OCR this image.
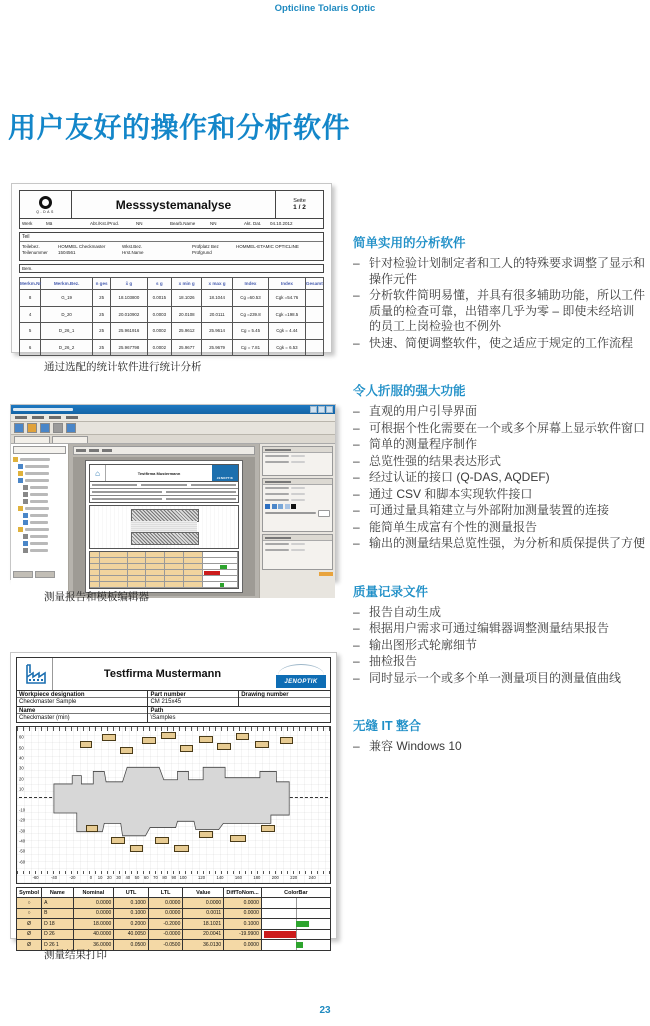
Opticline Tolaris Optic
用户友好的操作和分析软件
Q-DAS	Messsystemanalyse	Seite
1 / 2
Werk	Mä	Abt./Kst./Prod.	NN	Bearb.Name	NN	Akt. Dat.	04.10.2012
Teil
Teilebez.	HOMMEL Checkmaster	Wkst.Bez.	Prüfplatz Bez	HOMMEL-ETAMIC OPTICLINE
Teilenummer	1504561	Hrst.Name	Prüfgrund
Bem.
Merkm.Nr	Merkm.Bez.	n ges	x̄ g	s g	x min g	x max g	Index	Index	Gesamt
8	G_19	25	18.103800	0.0015	18.1026	18.1044	Cg =60.53	Cgk =54.76	
4	D_20	25	20.010902	0.0003	20.0108	20.0111	Cg =239.8	Cgk =198.5	
5	D_26_1	25	25.961916	0.0002	25.9612	25.9614	Cg = 5.45	Cgk = 4.44	
6	D_26_2	25	25.967798	0.0002	25.9677	25.9679	Cg = 7.81	Cgk = 6.53	
通过选配的统计软件进行统计分析
⌂	Testfirma Mustermann
JENOPTIK
测量报告和模板编辑器
Testfirma Mustermann
JENOPTIK
Workpiece designation
Checkmaster Sample
Part number
CM 215x45
Drawing number
Name
Checkmaster (min)
Path
\Samples
60
50
40
30
20
10
-10
-20
-30
-40
-50
-60
-60	-40	-20	0 10 20 30 40 50 60 70 80 90 100	120	140	160	180	200	220	240
Symbol	Name	Nominal	UTL	LTL	Value	DiffToNom...	ColorBar
○	A	0.0000	0.1000	0.0000	0.0000	0.0000	

○	B	0.0000	0.1000	0.0000	0.0011	0.0000	

Ø	D 18	18.0000	0.2000	-0.2000	18.1021	0.1000	

Ø	D 26	40.0000	40.0050	-0.0000	20.0041	-19.9900	

Ø	D 26 1	36.0000	0.0500	-0.0500	36.0130	0.0000	
测量结果打印
简单实用的分析软件
– 针对检验计划制定者和工人的特殊要求调整了显示和操作元件
– 分析软件简明易懂，并具有很多辅助功能，所以工件质量的检查可靠，出错率几乎为零 – 即使未经培训的员工上岗检验也不例外
– 快速、简便调整软件，使之适应于规定的工作流程
令人折服的强大功能
– 直观的用户引导界面
– 可根据个性化需要在一个或多个屏幕上显示软件窗口
– 简单的测量程序制作
– 总览性强的结果表达形式
– 经过认证的接口 (Q-DAS, AQDEF)
– 通过 CSV 和脚本实现软件接口
– 可通过量具箱建立与外部附加测量装置的连接
– 能简单生成富有个性的测量报告
– 输出的测量结果总览性强，为分析和质保提供了方便
质量记录文件
– 报告自动生成
– 根据用户需求可通过编辑器调整测量结果报告
– 输出图形式轮廓细节
– 抽检报告
– 同时显示一个或多个单一测量项目的测量值曲线
无缝 IT 整合
– 兼容 Windows 10
23
